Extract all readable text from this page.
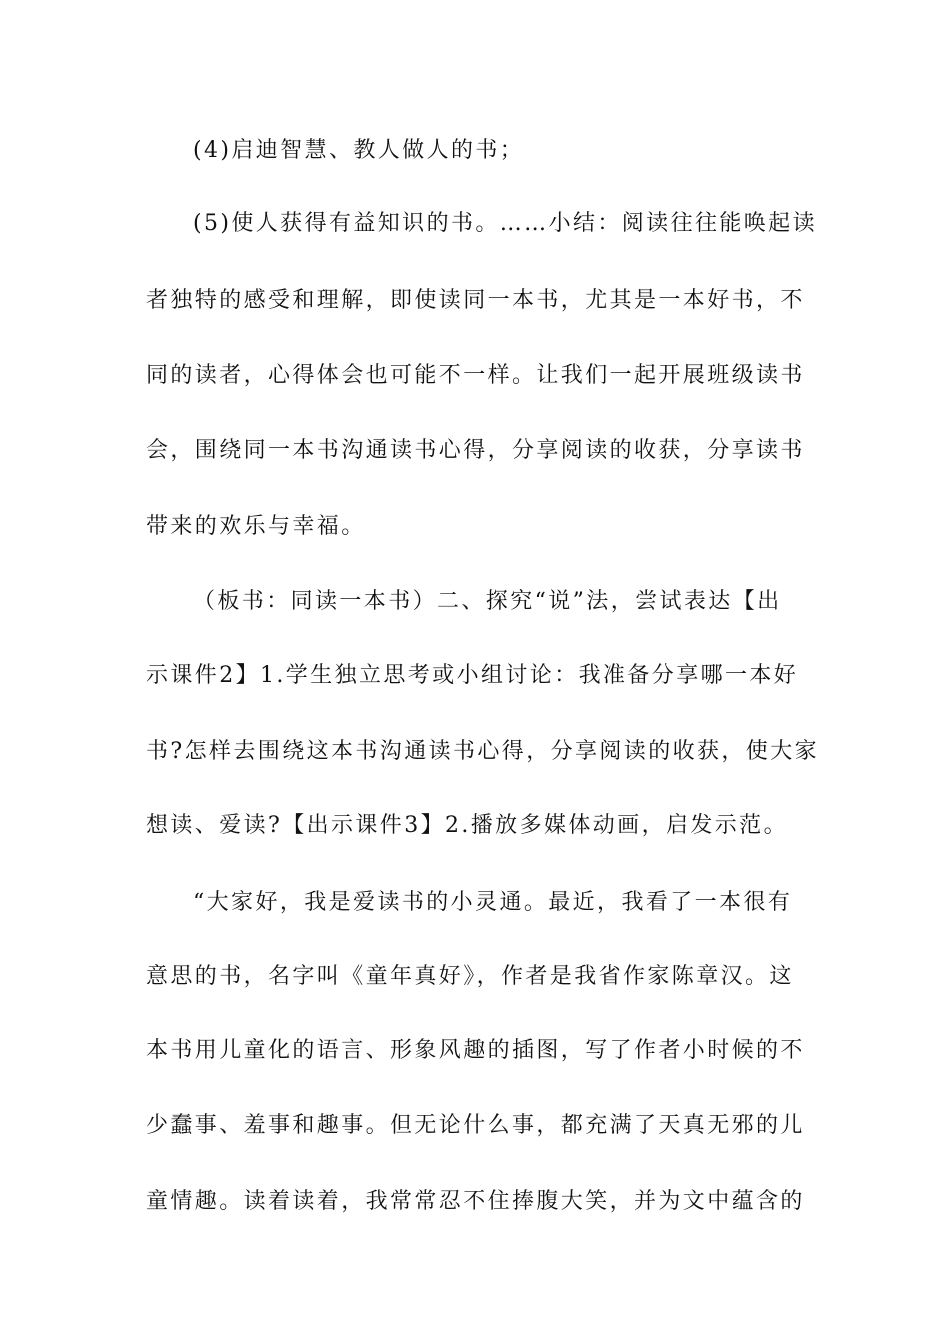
(4)启迪智慧、教人做人的书；
(5)使人获得有益知识的书。……小结：阅读往往能唤起读
者独特的感受和理解，即使读同一本书，尤其是一本好书，不
同的读者，心得体会也可能不一样。让我们一起开展班级读书
会，围绕同一本书沟通读书心得，分享阅读的收获，分享读书
带来的欢乐与幸福。
（板书：同读一本书）二、探究“说”法，尝试表达【出
示课件2】1.学生独立思考或小组讨论：我准备分享哪一本好
书?怎样去围绕这本书沟通读书心得，分享阅读的收获，使大家
想读、爱读?【出示课件3】2.播放多媒体动画，启发示范。
“大家好，我是爱读书的小灵通。最近，我看了一本很有
意思的书，名字叫《童年真好》，作者是我省作家陈章汉。这
本书用儿童化的语言、形象风趣的插图，写了作者小时候的不
少蠢事、羞事和趣事。但无论什么事，都充满了天真无邪的儿
童情趣。读着读着，我常常忍不住捧腹大笑，并为文中蕴含的
